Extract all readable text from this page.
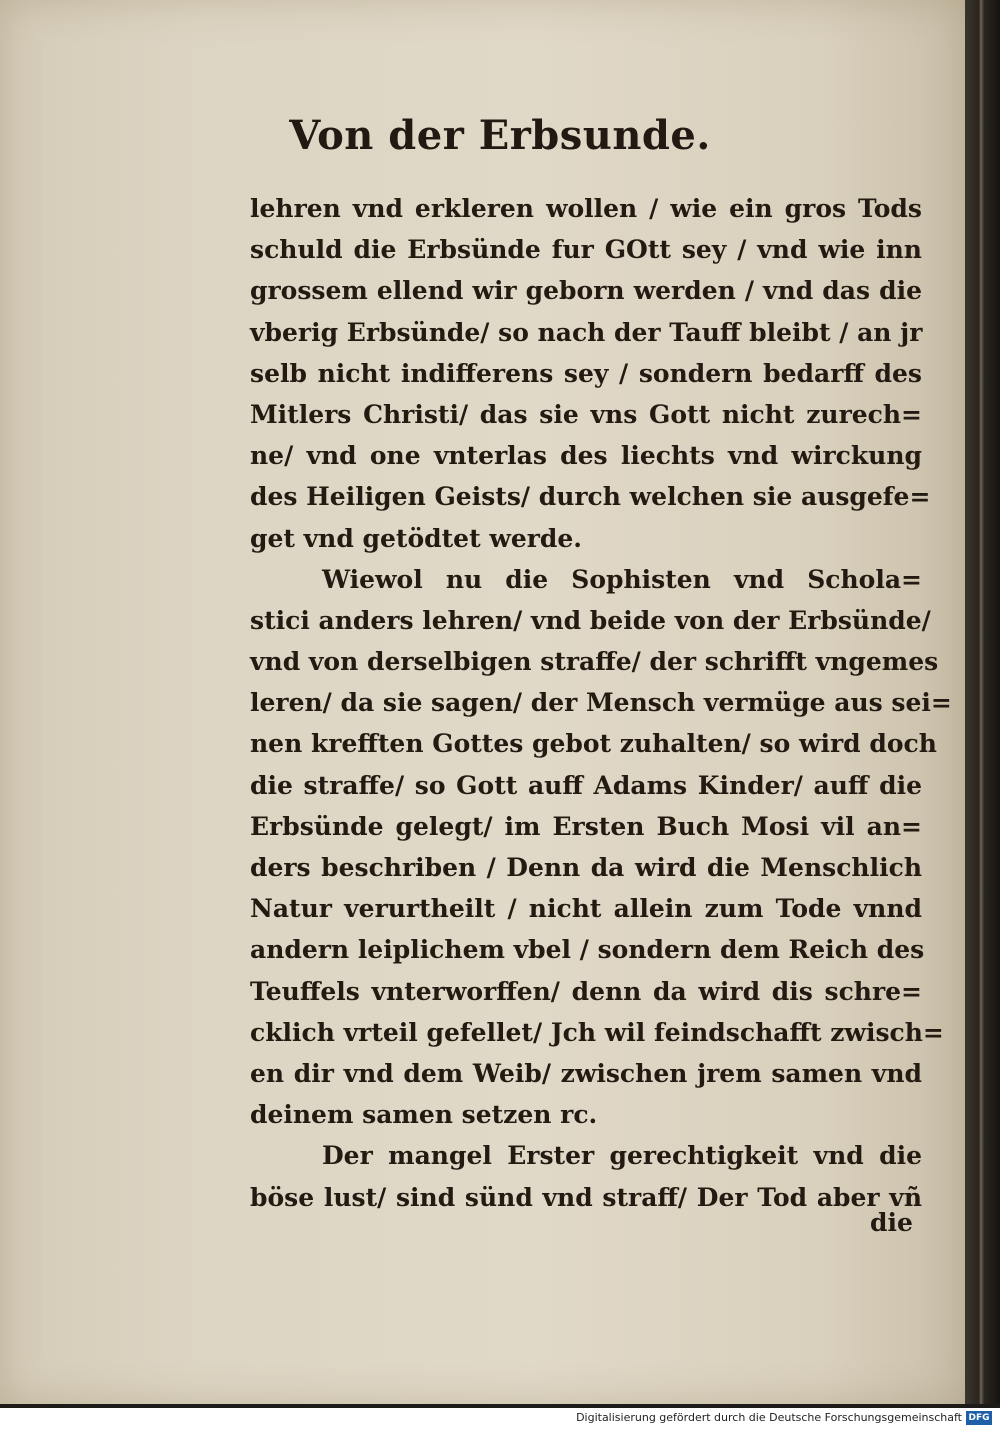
Von der Erbsunde.
lehren vnd erkleren wollen / wie ein gros Tods
schuld die Erbsünde fur GOtt sey / vnd wie inn
grossem ellend wir geborn werden / vnd das die
vberig Erbsünde/ so nach der Tauff bleibt / an jr
selb nicht indifferens sey / sondern bedarff des
Mitlers Christi/ das sie vns Gott nicht zurech=
ne/ vnd one vnterlas des liechts vnd wirckung
des Heiligen Geists/ durch welchen sie ausgefe=
get vnd getödtet werde.
Wiewol nu die Sophisten vnd Schola=
stici anders lehren/ vnd beide von der Erbsünde/
vnd von derselbigen straffe/ der schrifft vngemes
leren/ da sie sagen/ der Mensch vermüge aus sei=
nen krefften Gottes gebot zuhalten/ so wird doch
die straffe/ so Gott auff Adams Kinder/ auff die
Erbsünde gelegt/ im Ersten Buch Mosi vil an=
ders beschriben / Denn da wird die Menschlich
Natur verurtheilt / nicht allein zum Tode vnnd
andern leiplichem vbel / sondern dem Reich des
Teuffels vnterworffen/ denn da wird dis schre=
cklich vrteil gefellet/ Jch wil feindschafft zwisch=
en dir vnd dem Weib/ zwischen jrem samen vnd
deinem samen setzen rc.
Der mangel Erster gerechtigkeit vnd die
böse lust/ sind sünd vnd straff/ Der Tod aber vñ
die
Digitalisierung gefördert durch die Deutsche Forschungsgemeinschaft DFG
